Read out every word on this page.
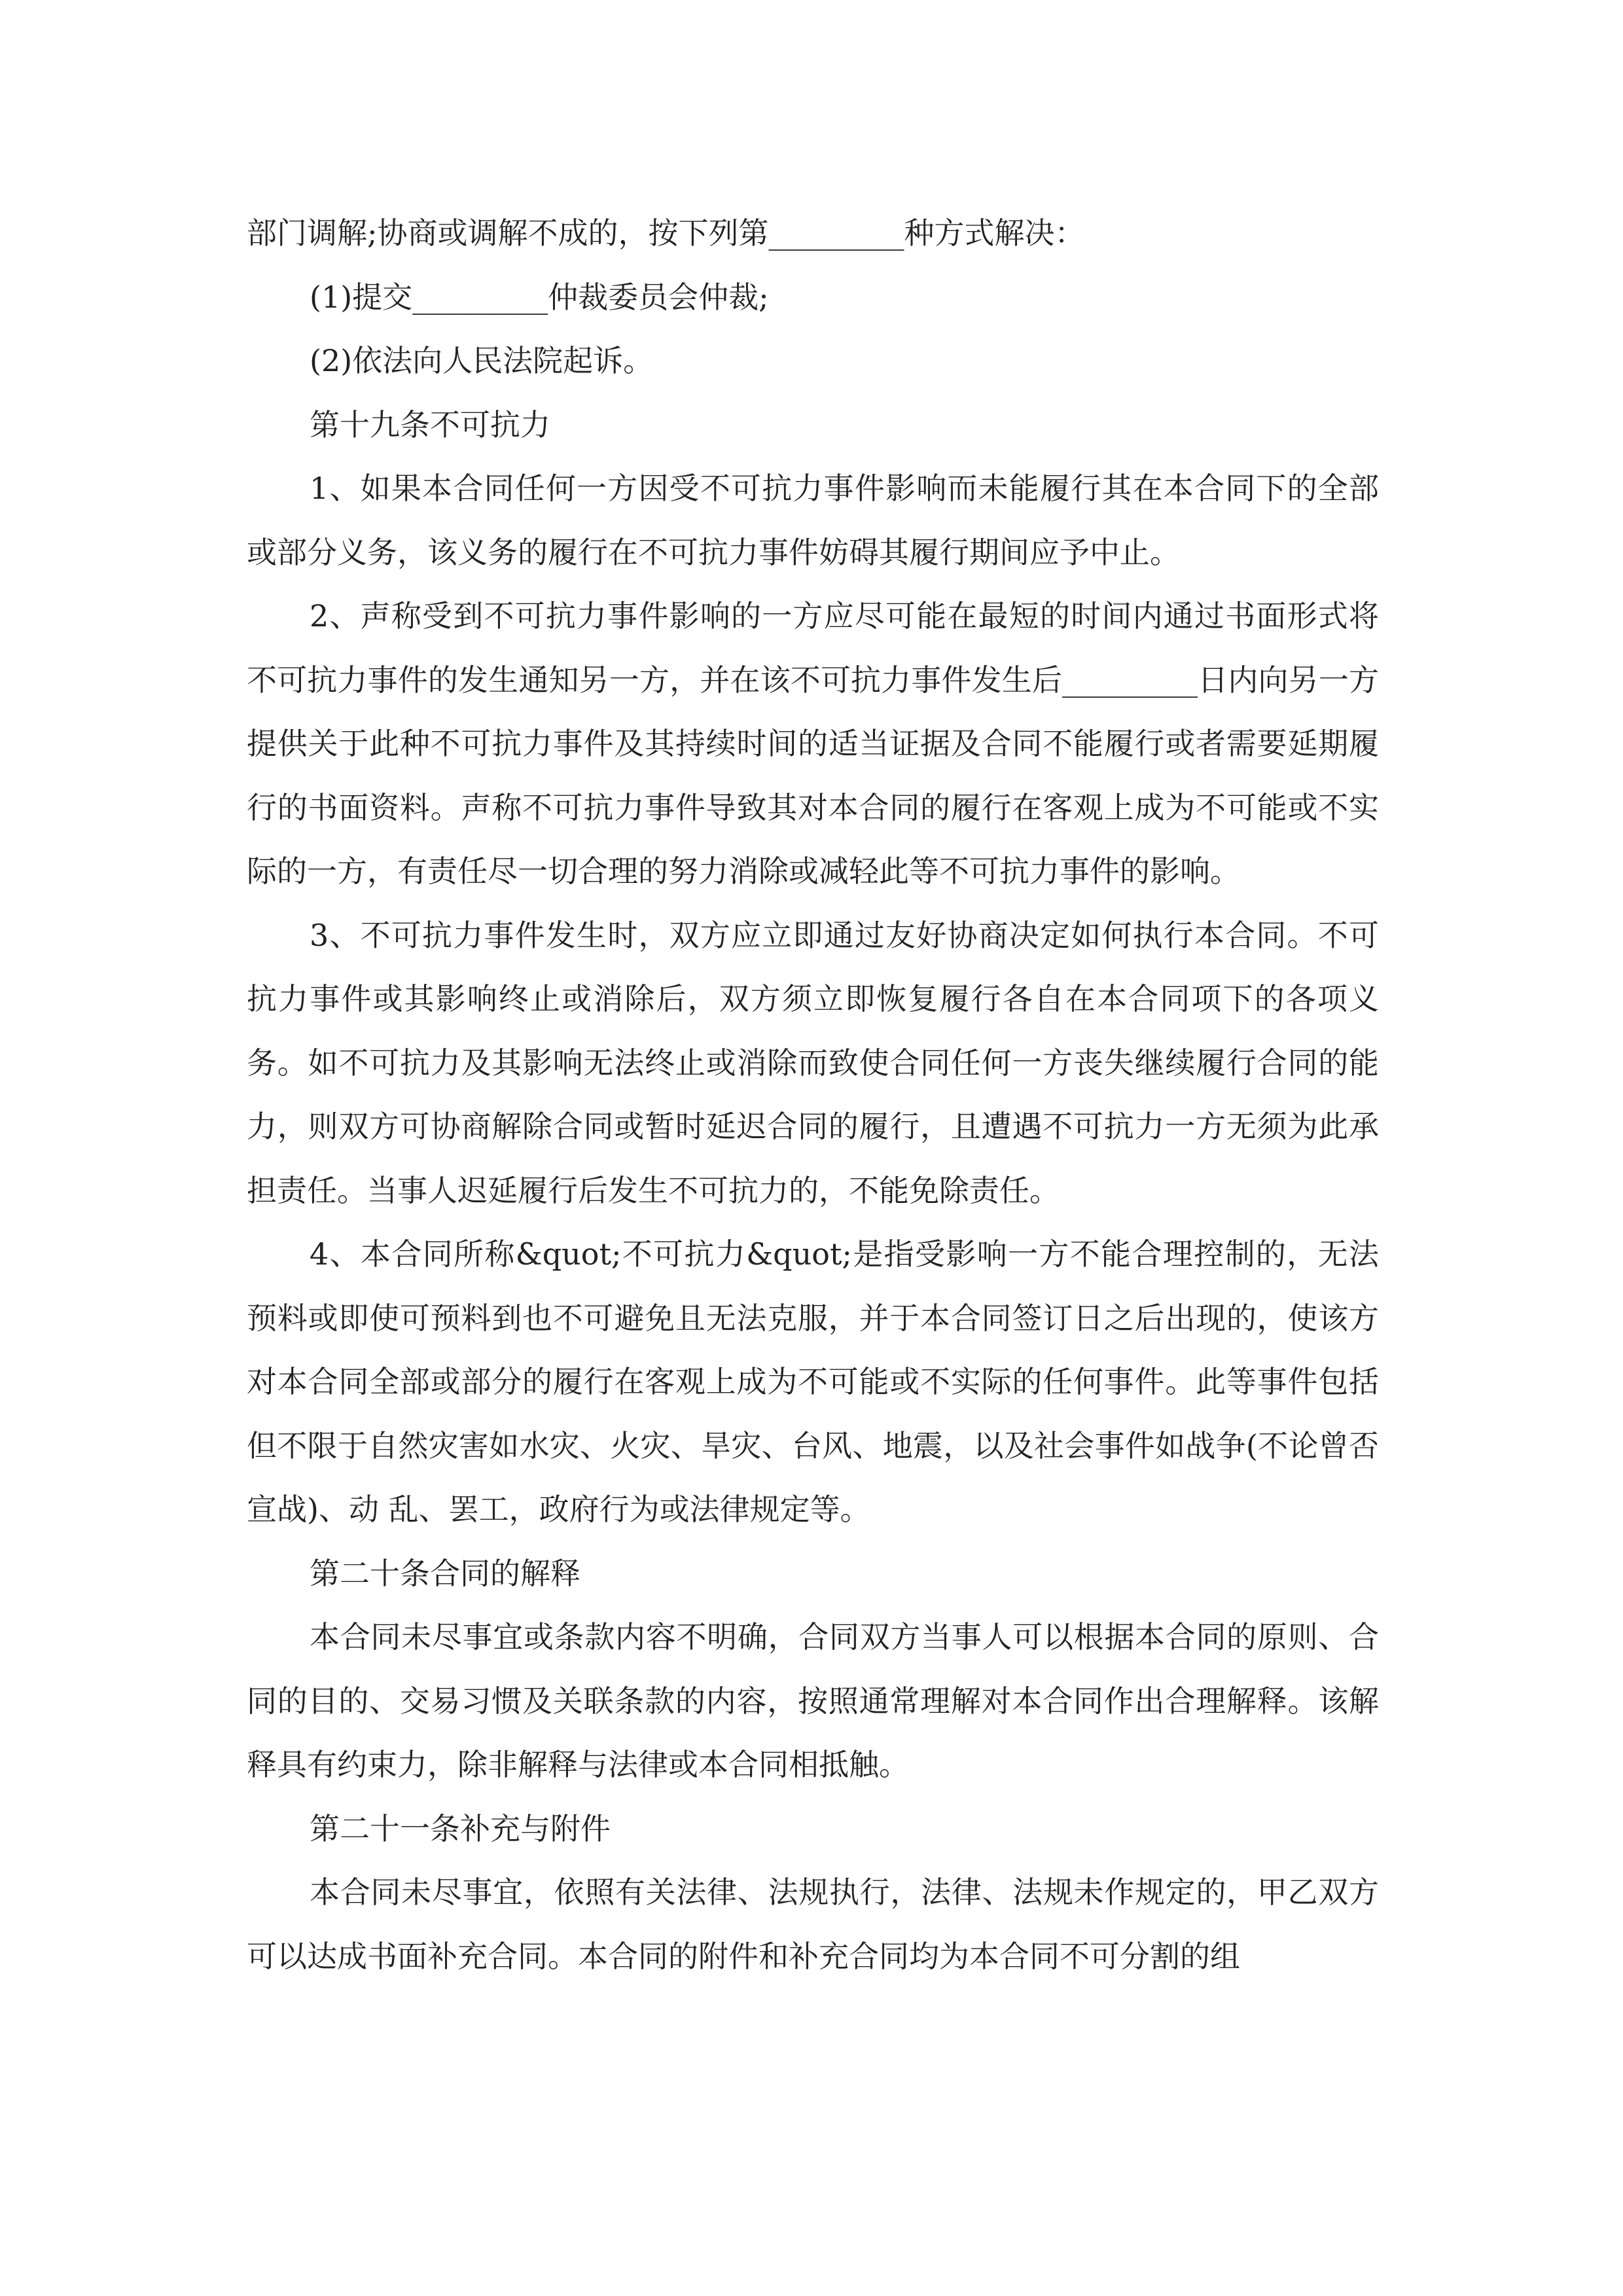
部门调解;协商或调解不成的，按下列第_________种方式解决：

(1)提交_________仲裁委员会仲裁;

(2)依法向人民法院起诉。

第十九条不可抗力

1、如果本合同任何一方因受不可抗力事件影响而未能履行其在本合同下的全部或部分义务，该义务的履行在不可抗力事件妨碍其履行期间应予中止。

2、声称受到不可抗力事件影响的一方应尽可能在最短的时间内通过书面形式将不可抗力事件的发生通知另一方，并在该不可抗力事件发生后_________日内向另一方提供关于此种不可抗力事件及其持续时间的适当证据及合同不能履行或者需要延期履行的书面资料。声称不可抗力事件导致其对本合同的履行在客观上成为不可能或不实际的一方，有责任尽一切合理的努力消除或减轻此等不可抗力事件的影响。

3、不可抗力事件发生时，双方应立即通过友好协商决定如何执行本合同。不可抗力事件或其影响终止或消除后，双方须立即恢复履行各自在本合同项下的各项义务。如不可抗力及其影响无法终止或消除而致使合同任何一方丧失继续履行合同的能力，则双方可协商解除合同或暂时延迟合同的履行，且遭遇不可抗力一方无须为此承担责任。当事人迟延履行后发生不可抗力的，不能免除责任。

4、本合同所称&quot;不可抗力&quot;是指受影响一方不能合理控制的，无法预料或即使可预料到也不可避免且无法克服，并于本合同签订日之后出现的，使该方对本合同全部或部分的履行在客观上成为不可能或不实际的任何事件。此等事件包括但不限于自然灾害如水灾、火灾、旱灾、台风、地震，以及社会事件如战争(不论曾否宣战)、动 乱、罢工，政府行为或法律规定等。

第二十条合同的解释

本合同未尽事宜或条款内容不明确，合同双方当事人可以根据本合同的原则、合同的目的、交易习惯及关联条款的内容，按照通常理解对本合同作出合理解释。该解释具有约束力，除非解释与法律或本合同相抵触。

第二十一条补充与附件

本合同未尽事宜，依照有关法律、法规执行，法律、法规未作规定的，甲乙双方可以达成书面补充合同。本合同的附件和补充合同均为本合同不可分割的组
